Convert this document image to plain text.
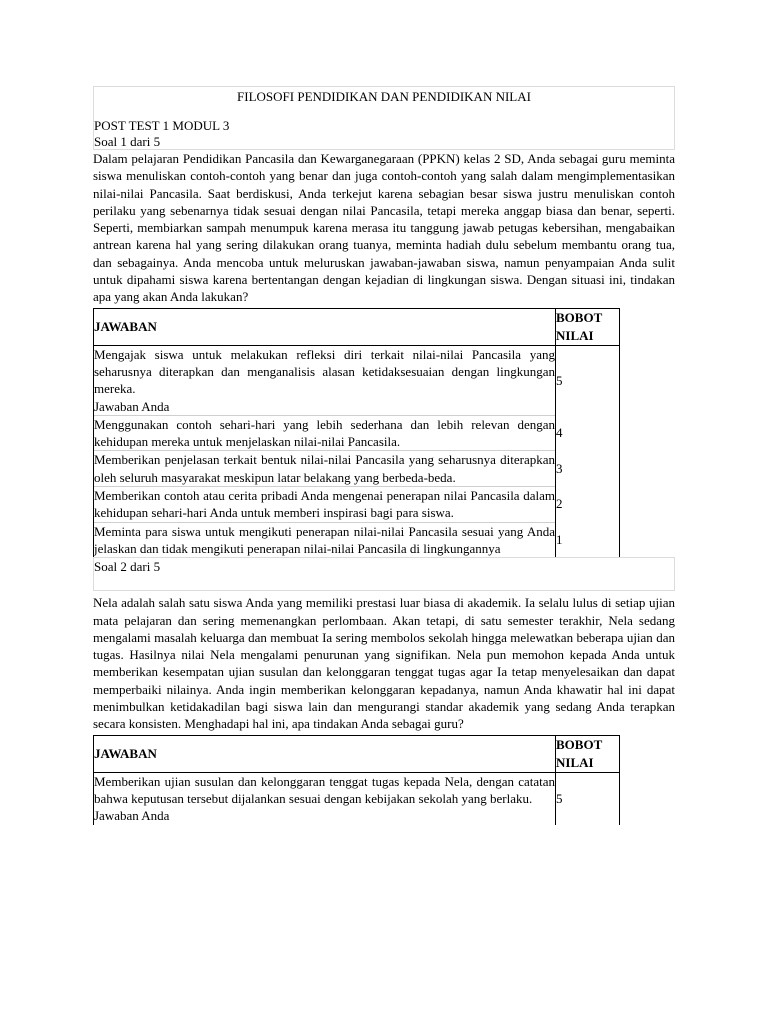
FILOSOFI PENDIDIKAN DAN PENDIDIKAN NILAI
POST TEST 1 MODUL 3
Soal 1 dari 5

Dalam pelajaran Pendidikan Pancasila dan Kewarganegaraan (PPKN) kelas 2 SD, Anda sebagai guru meminta siswa menuliskan contoh-contoh yang benar dan juga contoh-contoh yang salah dalam mengimplementasikan nilai-nilai Pancasila. Saat berdiskusi, Anda terkejut karena sebagian besar siswa justru menuliskan contoh perilaku yang sebenarnya tidak sesuai dengan nilai Pancasila, tetapi mereka anggap biasa dan benar, seperti. Seperti, membiarkan sampah menumpuk karena merasa itu tanggung jawab petugas kebersihan, mengabaikan antrean karena hal yang sering dilakukan orang tuanya, meminta hadiah dulu sebelum membantu orang tua, dan sebagainya. Anda mencoba untuk meluruskan jawaban-jawaban siswa, namun penyampaian Anda sulit untuk dipahami siswa karena bertentangan dengan kejadian di lingkungan siswa. Dengan situasi ini, tindakan apa yang akan Anda lakukan?

JAWABAN	BOBOT NILAI

Mengajak siswa untuk melakukan refleksi diri terkait nilai-nilai Pancasila yang seharusnya diterapkan dan menganalisis alasan ketidaksesuaian dengan lingkungan mereka.
Jawaban Anda	5

Menggunakan contoh sehari-hari yang lebih sederhana dan lebih relevan dengan kehidupan mereka untuk menjelaskan nilai-nilai Pancasila.	4

Memberikan penjelasan terkait bentuk nilai-nilai Pancasila yang seharusnya diterapkan oleh seluruh masyarakat meskipun latar belakang yang berbeda-beda.	3

Memberikan contoh atau cerita pribadi Anda mengenai penerapan nilai Pancasila dalam kehidupan sehari-hari Anda untuk memberi inspirasi bagi para siswa.	2

Meminta para siswa untuk mengikuti penerapan nilai-nilai Pancasila sesuai yang Anda jelaskan dan tidak mengikuti penerapan nilai-nilai Pancasila di lingkungannya	1
Soal 2 dari 5

Nela adalah salah satu siswa Anda yang memiliki prestasi luar biasa di akademik. Ia selalu lulus di setiap ujian mata pelajaran dan sering memenangkan perlombaan. Akan tetapi, di satu semester terakhir, Nela sedang mengalami masalah keluarga dan membuat Ia sering membolos sekolah hingga melewatkan beberapa ujian dan tugas. Hasilnya nilai Nela mengalami penurunan yang signifikan. Nela pun memohon kepada Anda untuk memberikan kesempatan ujian susulan dan kelonggaran tenggat tugas agar Ia tetap menyelesaikan dan dapat memperbaiki nilainya. Anda ingin memberikan kelonggaran kepadanya, namun Anda khawatir hal ini dapat menimbulkan ketidakadilan bagi siswa lain dan mengurangi standar akademik yang sedang Anda terapkan secara konsisten. Menghadapi hal ini, apa tindakan Anda sebagai guru?

JAWABAN	BOBOT NILAI

Memberikan ujian susulan dan kelonggaran tenggat tugas kepada Nela, dengan catatan bahwa keputusan tersebut dijalankan sesuai dengan kebijakan sekolah yang berlaku.
Jawaban Anda	5
